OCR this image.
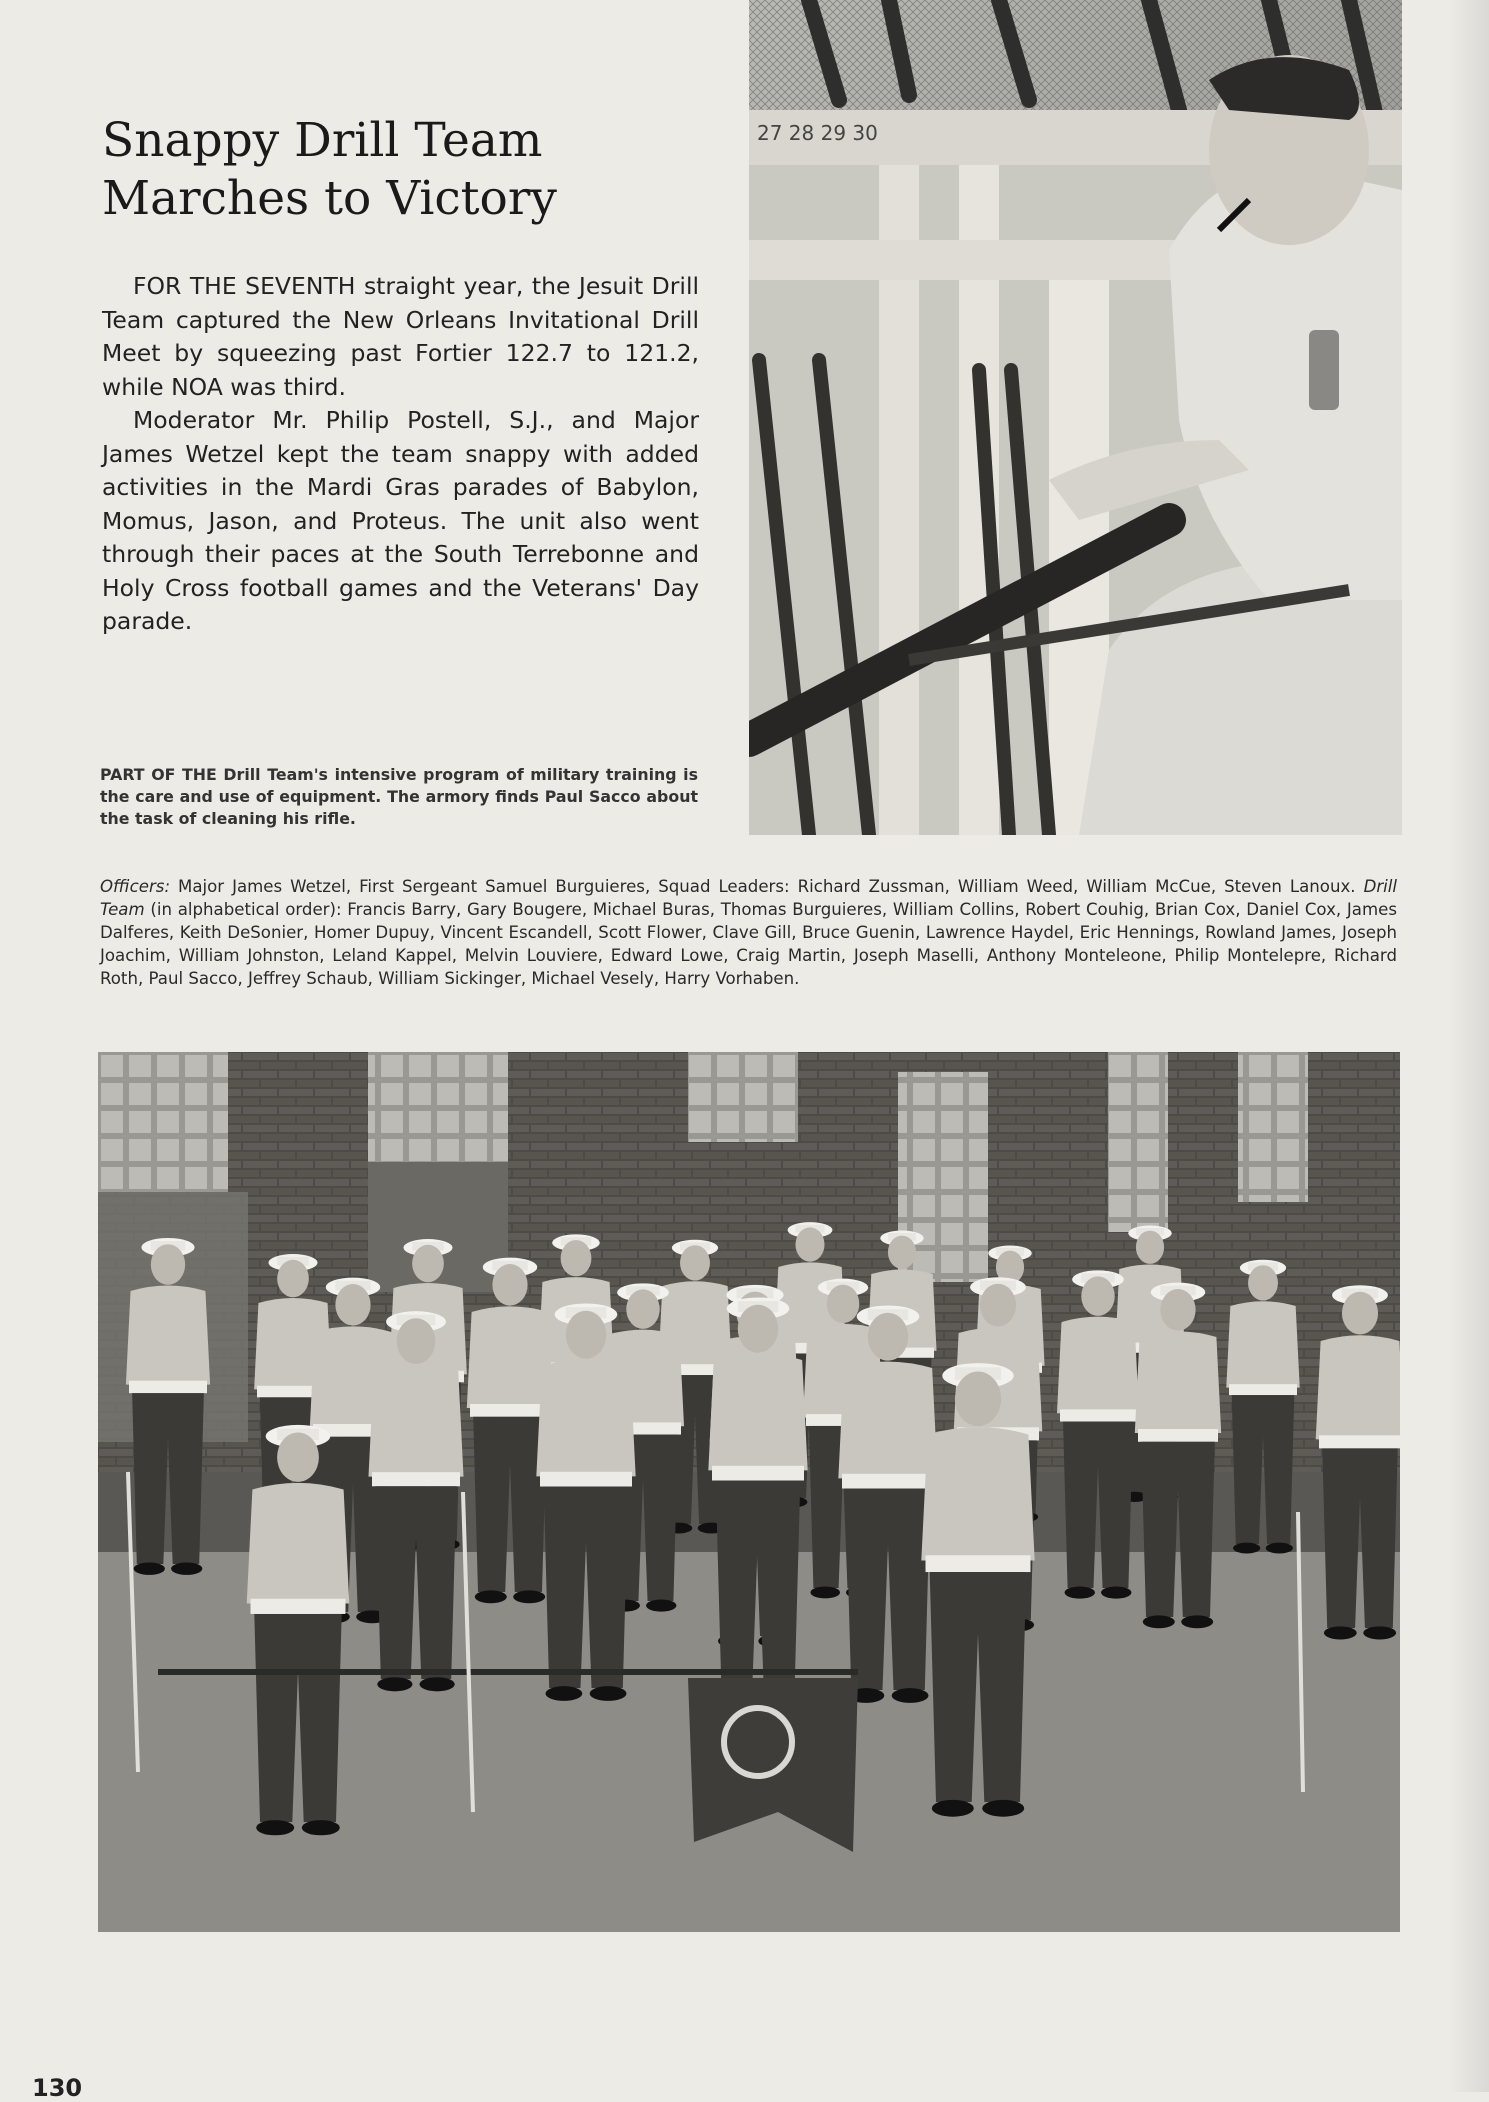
Snappy Drill Team
Marches to Victory

FOR THE SEVENTH straight year, the Jesuit Drill Team captured the New Orleans Invitational Drill Meet by squeezing past Fortier 122.7 to 121.2, while NOA was third.

Moderator Mr. Philip Postell, S.J., and Major James Wetzel kept the team snappy with added activities in the Mardi Gras parades of Babylon, Momus, Jason, and Proteus. The unit also went through their paces at the South Terrebonne and Holy Cross football games and the Veterans' Day parade.

PART OF THE Drill Team's intensive program of military training is the care and use of equipment. The armory finds Paul Sacco about the task of cleaning his rifle.

27 28 29 30

Officers: Major James Wetzel, First Sergeant Samuel Burguieres, Squad Leaders: Richard Zussman, William Weed, William McCue, Steven Lanoux. Drill Team (in alphabetical order): Francis Barry, Gary Bougere, Michael Buras, Thomas Burguieres, William Collins, Robert Couhig, Brian Cox, Daniel Cox, James Dalferes, Keith DeSonier, Homer Dupuy, Vincent Escandell, Scott Flower, Clave Gill, Bruce Guenin, Lawrence Haydel, Eric Hennings, Rowland James, Joseph Joachim, William Johnston, Leland Kappel, Melvin Louviere, Edward Lowe, Craig Martin, Joseph Maselli, Anthony Monteleone, Philip Montelepre, Richard Roth, Paul Sacco, Jeffrey Schaub, William Sickinger, Michael Vesely, Harry Vorhaben.

130
